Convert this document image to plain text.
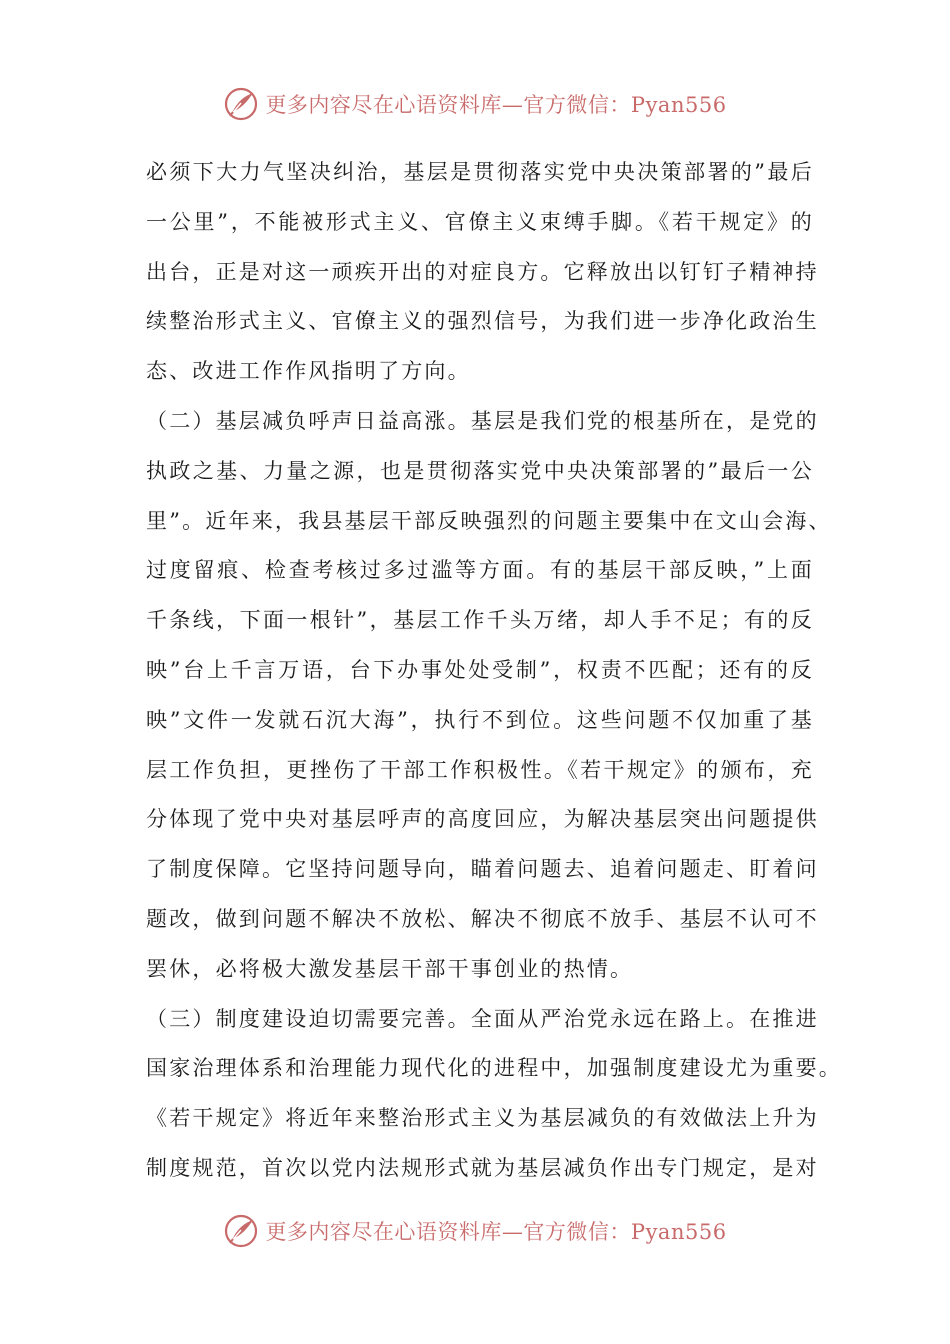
更多内容尽在心语资料库—官方微信：Pyan556
必须下大力气坚决纠治，基层是贯彻落实党中央决策部署的”最后
一公里”，不能被形式主义、官僚主义束缚手脚。《若干规定》的
出台，正是对这一顽疾开出的对症良方。它释放出以钉钉子精神持
续整治形式主义、官僚主义的强烈信号，为我们进一步净化政治生
态、改进工作作风指明了方向。
（二）基层减负呼声日益高涨。基层是我们党的根基所在，是党的
执政之基、力量之源，也是贯彻落实党中央决策部署的”最后一公
里”。近年来，我县基层干部反映强烈的问题主要集中在文山会海、
过度留痕、检查考核过多过滥等方面。有的基层干部反映，”上面
千条线，下面一根针”，基层工作千头万绪，却人手不足；有的反
映”台上千言万语，台下办事处处受制”，权责不匹配；还有的反
映”文件一发就石沉大海”，执行不到位。这些问题不仅加重了基
层工作负担，更挫伤了干部工作积极性。《若干规定》的颁布，充
分体现了党中央对基层呼声的高度回应，为解决基层突出问题提供
了制度保障。它坚持问题导向，瞄着问题去、追着问题走、盯着问
题改，做到问题不解决不放松、解决不彻底不放手、基层不认可不
罢休，必将极大激发基层干部干事创业的热情。
（三）制度建设迫切需要完善。全面从严治党永远在路上。在推进
国家治理体系和治理能力现代化的进程中，加强制度建设尤为重要。
《若干规定》将近年来整治形式主义为基层减负的有效做法上升为
制度规范，首次以党内法规形式就为基层减负作出专门规定，是对
更多内容尽在心语资料库—官方微信：Pyan556
